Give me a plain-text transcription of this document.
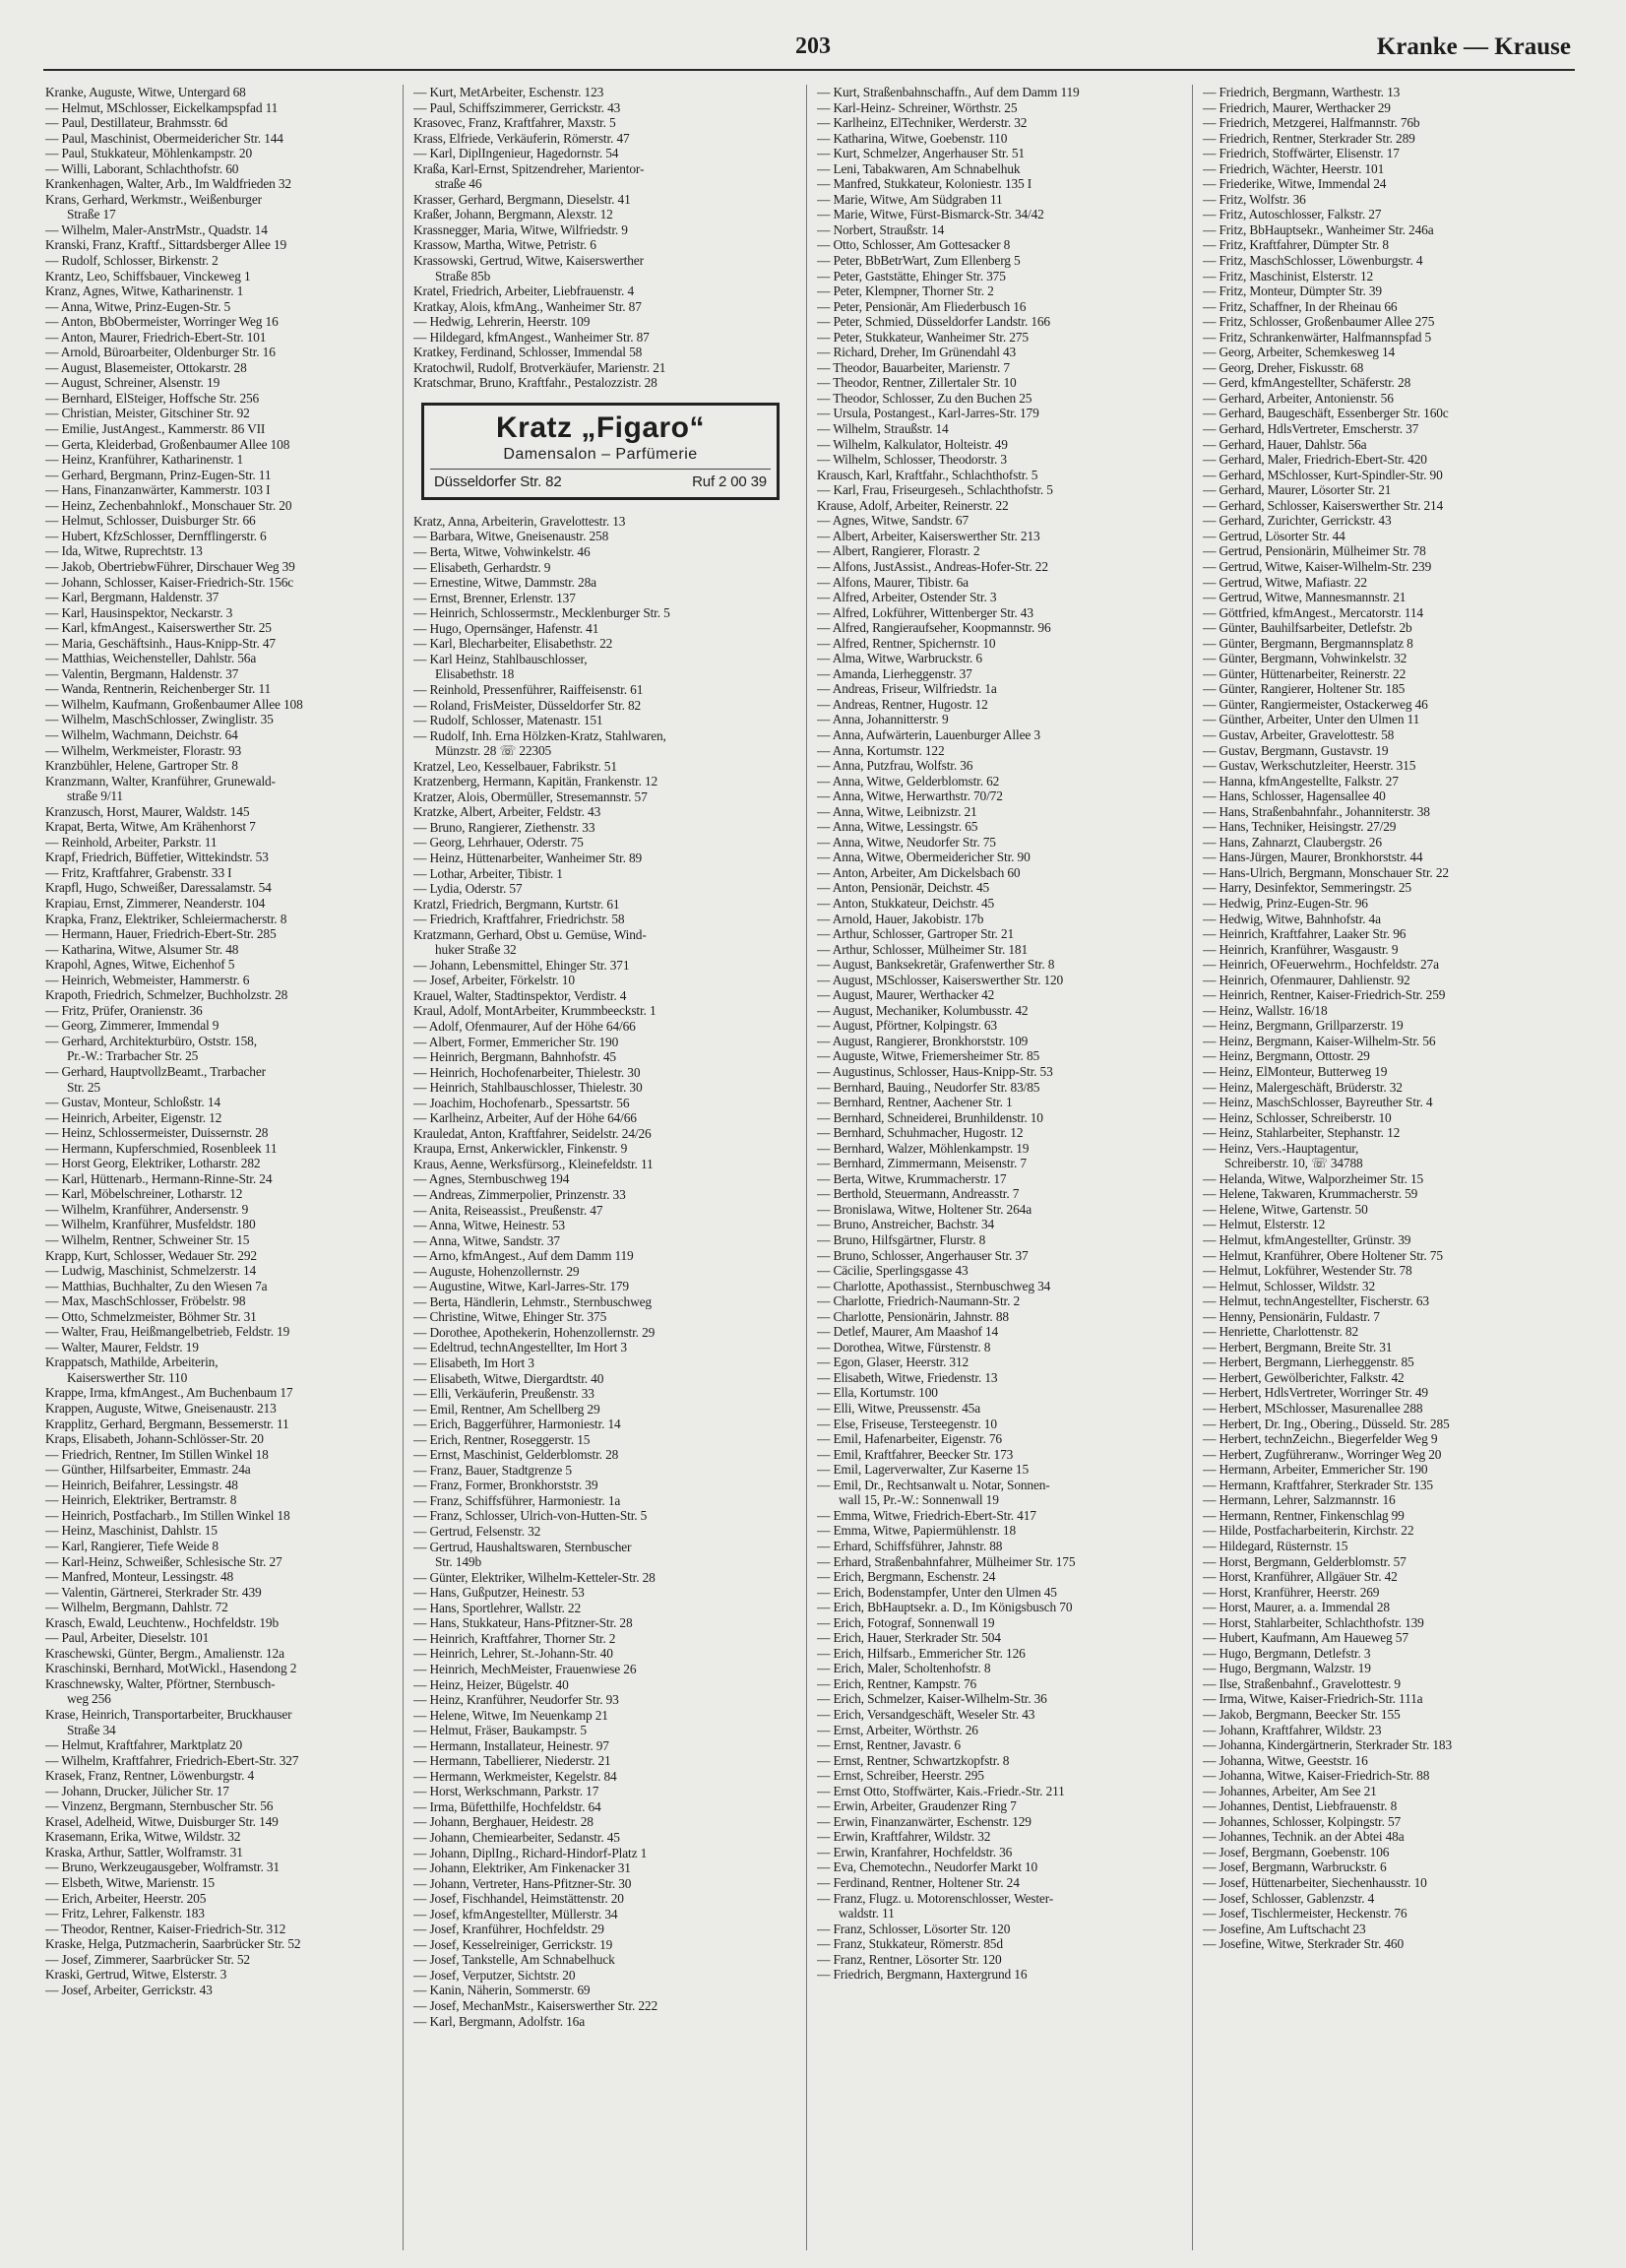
203	Kranke — Krause
Kranke, Auguste, Witwe, Untergard 68
— Helmut, MSchlosser, Eickelkampspfad 11
— Paul, Destillateur, Brahmsstr. 6d
— Paul, Maschinist, Obermeidericher Str. 144
— Paul, Stukkateur, Möhlenkampstr. 20
— Willi, Laborant, Schlachthofstr. 60
Krankenhagen, Walter, Arb., Im Waldfrieden 32
Krans, Gerhard, Werkmstr., Weißenburger
Straße 17
— Wilhelm, Maler-AnstrMstr., Quadstr. 14
Kranski, Franz, Kraftf., Sittardsberger Allee 19
— Rudolf, Schlosser, Birkenstr. 2
Krantz, Leo, Schiffsbauer, Vinckeweg 1
Kranz, Agnes, Witwe, Katharinenstr. 1
— Anna, Witwe, Prinz-Eugen-Str. 5
— Anton, BbObermeister, Worringer Weg 16
— Anton, Maurer, Friedrich-Ebert-Str. 101
— Arnold, Büroarbeiter, Oldenburger Str. 16
— August, Blasemeister, Ottokarstr. 28
— August, Schreiner, Alsenstr. 19
— Bernhard, ElSteiger, Hoffsche Str. 256
— Christian, Meister, Gitschiner Str. 92
— Emilie, JustAngest., Kammerstr. 86 VII
— Gerta, Kleiderbad, Großenbaumer Allee 108
— Heinz, Kranführer, Katharinenstr. 1
— Gerhard, Bergmann, Prinz-Eugen-Str. 11
— Hans, Finanzanwärter, Kammerstr. 103 I
— Heinz, Zechenbahnlokf., Monschauer Str. 20
— Helmut, Schlosser, Duisburger Str. 66
— Hubert, KfzSchlosser, Dernfflingerstr. 6
— Ida, Witwe, Ruprechtstr. 13
— Jakob, ObertriebwFührer, Dirschauer Weg 39
— Johann, Schlosser, Kaiser-Friedrich-Str. 156c
— Karl, Bergmann, Haldenstr. 37
— Karl, Hausinspektor, Neckarstr. 3
— Karl, kfmAngest., Kaiserswerther Str. 25
— Maria, Geschäftsinh., Haus-Knipp-Str. 47
— Matthias, Weichensteller, Dahlstr. 56a
— Valentin, Bergmann, Haldenstr. 37
— Wanda, Rentnerin, Reichenberger Str. 11
— Wilhelm, Kaufmann, Großenbaumer Allee 108
— Wilhelm, MaschSchlosser, Zwinglistr. 35
— Wilhelm, Wachmann, Deichstr. 64
— Wilhelm, Werkmeister, Florastr. 93
Kranzbühler, Helene, Gartroper Str. 8
Kranzmann, Walter, Kranführer, Grunewald-
straße 9/11
Kranzusch, Horst, Maurer, Waldstr. 145
Krapat, Berta, Witwe, Am Krähenhorst 7
— Reinhold, Arbeiter, Parkstr. 11
Krapf, Friedrich, Büffetier, Wittekindstr. 53
— Fritz, Kraftfahrer, Grabenstr. 33 I
Krapfl, Hugo, Schweißer, Daressalamstr. 54
Krapiau, Ernst, Zimmerer, Neanderstr. 104
Krapka, Franz, Elektriker, Schleiermacherstr. 8
— Hermann, Hauer, Friedrich-Ebert-Str. 285
— Katharina, Witwe, Alsumer Str. 48
Krapohl, Agnes, Witwe, Eichenhof 5
— Heinrich, Webmeister, Hammerstr. 6
Krapoth, Friedrich, Schmelzer, Buchholzstr. 28
— Fritz, Prüfer, Oranienstr. 36
— Georg, Zimmerer, Immendal 9
— Gerhard, Architekturbüro, Oststr. 158,
Pr.-W.: Trarbacher Str. 25
— Gerhard, HauptvollzBeamt., Trarbacher
Str. 25
— Gustav, Monteur, Schloßstr. 14
— Heinrich, Arbeiter, Eigenstr. 12
— Heinz, Schlossermeister, Duissernstr. 28
— Hermann, Kupferschmied, Rosenbleek 11
— Horst Georg, Elektriker, Lotharstr. 282
— Karl, Hüttenarb., Hermann-Rinne-Str. 24
— Karl, Möbelschreiner, Lotharstr. 12
— Wilhelm, Kranführer, Andersenstr. 9
— Wilhelm, Kranführer, Musfeldstr. 180
— Wilhelm, Rentner, Schweiner Str. 15
Krapp, Kurt, Schlosser, Wedauer Str. 292
— Ludwig, Maschinist, Schmelzerstr. 14
— Matthias, Buchhalter, Zu den Wiesen 7a
— Max, MaschSchlosser, Fröbelstr. 98
— Otto, Schmelzmeister, Böhmer Str. 31
— Walter, Frau, Heißmangelbetrieb, Feldstr. 19
— Walter, Maurer, Feldstr. 19
Krappatsch, Mathilde, Arbeiterin,
Kaiserswerther Str. 110
Krappe, Irma, kfmAngest., Am Buchenbaum 17
Krappen, Auguste, Witwe, Gneisenaustr. 213
Krapplitz, Gerhard, Bergmann, Bessemerstr. 11
Kraps, Elisabeth, Johann-Schlösser-Str. 20
— Friedrich, Rentner, Im Stillen Winkel 18
— Günther, Hilfsarbeiter, Emmastr. 24a
— Heinrich, Beifahrer, Lessingstr. 48
— Heinrich, Elektriker, Bertramstr. 8
— Heinrich, Postfacharb., Im Stillen Winkel 18
— Heinz, Maschinist, Dahlstr. 15
— Karl, Rangierer, Tiefe Weide 8
— Karl-Heinz, Schweißer, Schlesische Str. 27
— Manfred, Monteur, Lessingstr. 48
— Valentin, Gärtnerei, Sterkrader Str. 439
— Wilhelm, Bergmann, Dahlstr. 72
Krasch, Ewald, Leuchtenw., Hochfeldstr. 19b
— Paul, Arbeiter, Dieselstr. 101
Kraschewski, Günter, Bergm., Amalienstr. 12a
Kraschinski, Bernhard, MotWickl., Hasendong 2
Kraschnewsky, Walter, Pförtner, Sternbusch-
weg 256
Krase, Heinrich, Transportarbeiter, Bruckhauser
Straße 34
— Helmut, Kraftfahrer, Marktplatz 20
— Wilhelm, Kraftfahrer, Friedrich-Ebert-Str. 327
Krasek, Franz, Rentner, Löwenburgstr. 4
— Johann, Drucker, Jülicher Str. 17
— Vinzenz, Bergmann, Sternbuscher Str. 56
Krasel, Adelheid, Witwe, Duisburger Str. 149
Krasemann, Erika, Witwe, Wildstr. 32
Kraska, Arthur, Sattler, Wolframstr. 31
— Bruno, Werkzeugausgeber, Wolframstr. 31
— Elsbeth, Witwe, Marienstr. 15
— Erich, Arbeiter, Heerstr. 205
— Fritz, Lehrer, Falkenstr. 183
— Theodor, Rentner, Kaiser-Friedrich-Str. 312
Kraske, Helga, Putzmacherin, Saarbrücker Str. 52
— Josef, Zimmerer, Saarbrücker Str. 52
Kraski, Gertrud, Witwe, Elsterstr. 3
— Josef, Arbeiter, Gerrickstr. 43
— Kurt, MetArbeiter, Eschenstr. 123
— Paul, Schiffszimmerer, Gerrickstr. 43
Krasovec, Franz, Kraftfahrer, Maxstr. 5
Krass, Elfriede, Verkäuferin, Römerstr. 47
— Karl, DiplIngenieur, Hagedornstr. 54
Kraßa, Karl-Ernst, Spitzendreher, Marientor-
straße 46
Krasser, Gerhard, Bergmann, Dieselstr. 41
Kraßer, Johann, Bergmann, Alexstr. 12
Krassnegger, Maria, Witwe, Wilfriedstr. 9
Krassow, Martha, Witwe, Petristr. 6
Krassowski, Gertrud, Witwe, Kaiserswerther
Straße 85b
Kratel, Friedrich, Arbeiter, Liebfrauenstr. 4
Kratkay, Alois, kfmAng., Wanheimer Str. 87
— Hedwig, Lehrerin, Heerstr. 109
— Hildegard, kfmAngest., Wanheimer Str. 87
Kratkey, Ferdinand, Schlosser, Immendal 58
Kratochwil, Rudolf, Brotverkäufer, Marienstr. 21
Kratschmar, Bruno, Kraftfahr., Pestalozzistr. 28
Kratz „Figaro“
Damensalon – Parfümerie
Düsseldorfer Str. 82	Ruf 2 00 39
Kratz, Anna, Arbeiterin, Gravelottestr. 13
— Barbara, Witwe, Gneisenaustr. 258
— Berta, Witwe, Vohwinkelstr. 46
— Elisabeth, Gerhardstr. 9
— Ernestine, Witwe, Dammstr. 28a
— Ernst, Brenner, Erlenstr. 137
— Heinrich, Schlossermstr., Mecklenburger Str. 5
— Hugo, Opernsänger, Hafenstr. 41
— Karl, Blecharbeiter, Elisabethstr. 22
— Karl Heinz, Stahlbauschlosser,
Elisabethstr. 18
— Reinhold, Pressenführer, Raiffeisenstr. 61
— Roland, FrisMeister, Düsseldorfer Str. 82
— Rudolf, Schlosser, Matenastr. 151
— Rudolf, Inh. Erna Hölzken-Kratz, Stahlwaren,
Münzstr. 28 ☏ 22305
Kratzel, Leo, Kesselbauer, Fabrikstr. 51
Kratzenberg, Hermann, Kapitän, Frankenstr. 12
Kratzer, Alois, Obermüller, Stresemannstr. 57
Kratzke, Albert, Arbeiter, Feldstr. 43
— Bruno, Rangierer, Ziethenstr. 33
— Georg, Lehrhauer, Oderstr. 75
— Heinz, Hüttenarbeiter, Wanheimer Str. 89
— Lothar, Arbeiter, Tibistr. 1
— Lydia, Oderstr. 57
Kratzl, Friedrich, Bergmann, Kurtstr. 61
— Friedrich, Kraftfahrer, Friedrichstr. 58
Kratzmann, Gerhard, Obst u. Gemüse, Wind-
huker Straße 32
— Johann, Lebensmittel, Ehinger Str. 371
— Josef, Arbeiter, Förkelstr. 10
Krauel, Walter, Stadtinspektor, Verdistr. 4
Kraul, Adolf, MontArbeiter, Krummbeeckstr. 1
— Adolf, Ofenmaurer, Auf der Höhe 64/66
— Albert, Former, Emmericher Str. 190
— Heinrich, Bergmann, Bahnhofstr. 45
— Heinrich, Hochofenarbeiter, Thielestr. 30
— Heinrich, Stahlbauschlosser, Thielestr. 30
— Joachim, Hochofenarb., Spessartstr. 56
— Karlheinz, Arbeiter, Auf der Höhe 64/66
Krauledat, Anton, Kraftfahrer, Seidelstr. 24/26
Kraupa, Ernst, Ankerwickler, Finkenstr. 9
Kraus, Aenne, Werksfürsorg., Kleinefeldstr. 11
— Agnes, Sternbuschweg 194
— Andreas, Zimmerpolier, Prinzenstr. 33
— Anita, Reiseassist., Preußenstr. 47
— Anna, Witwe, Heinestr. 53
— Anna, Witwe, Sandstr. 37
— Arno, kfmAngest., Auf dem Damm 119
— Auguste, Hohenzollernstr. 29
— Augustine, Witwe, Karl-Jarres-Str. 179
— Berta, Händlerin, Lehmstr., Sternbuschweg
— Christine, Witwe, Ehinger Str. 375
— Dorothee, Apothekerin, Hohenzollernstr. 29
— Edeltrud, technAngestellter, Im Hort 3
— Elisabeth, Im Hort 3
— Elisabeth, Witwe, Diergardtstr. 40
— Elli, Verkäuferin, Preußenstr. 33
— Emil, Rentner, Am Schellberg 29
— Erich, Baggerführer, Harmoniestr. 14
— Erich, Rentner, Roseggerstr. 15
— Ernst, Maschinist, Gelderblomstr. 28
— Franz, Bauer, Stadtgrenze 5
— Franz, Former, Bronkhorststr. 39
— Franz, Schiffsführer, Harmoniestr. 1a
— Franz, Schlosser, Ulrich-von-Hutten-Str. 5
— Gertrud, Felsenstr. 32
— Gertrud, Haushaltswaren, Sternbuscher
Str. 149b
— Günter, Elektriker, Wilhelm-Ketteler-Str. 28
— Hans, Gußputzer, Heinestr. 53
— Hans, Sportlehrer, Wallstr. 22
— Hans, Stukkateur, Hans-Pfitzner-Str. 28
— Heinrich, Kraftfahrer, Thorner Str. 2
— Heinrich, Lehrer, St.-Johann-Str. 40
— Heinrich, MechMeister, Frauenwiese 26
— Heinz, Heizer, Bügelstr. 40
— Heinz, Kranführer, Neudorfer Str. 93
— Helene, Witwe, Im Neuenkamp 21
— Helmut, Fräser, Baukampstr. 5
— Hermann, Installateur, Heinestr. 97
— Hermann, Tabellierer, Niederstr. 21
— Hermann, Werkmeister, Kegelstr. 84
— Horst, Werkschmann, Parkstr. 17
— Irma, Büfetthilfe, Hochfeldstr. 64
— Johann, Berghauer, Heidestr. 28
— Johann, Chemiearbeiter, Sedanstr. 45
— Johann, DiplIng., Richard-Hindorf-Platz 1
— Johann, Elektriker, Am Finkenacker 31
— Johann, Vertreter, Hans-Pfitzner-Str. 30
— Josef, Fischhandel, Heimstättenstr. 20
— Josef, kfmAngestellter, Müllerstr. 34
— Josef, Kranführer, Hochfeldstr. 29
— Josef, Kesselreiniger, Gerrickstr. 19
— Josef, Tankstelle, Am Schnabelhuck
— Josef, Verputzer, Sichtstr. 20
— Kanin, Näherin, Sommerstr. 69
— Josef, MechanMstr., Kaiserswerther Str. 222
— Karl, Bergmann, Adolfstr. 16a
— Kurt, Straßenbahnschaffn., Auf dem Damm 119
— Karl-Heinz- Schreiner, Wörthstr. 25
— Karlheinz, ElTechniker, Werderstr. 32
— Katharina, Witwe, Goebenstr. 110
— Kurt, Schmelzer, Angerhauser Str. 51
— Leni, Tabakwaren, Am Schnabelhuk
— Manfred, Stukkateur, Koloniestr. 135 I
— Marie, Witwe, Am Südgraben 11
— Marie, Witwe, Fürst-Bismarck-Str. 34/42
— Norbert, Straußstr. 14
— Otto, Schlosser, Am Gottesacker 8
— Peter, BbBetrWart, Zum Ellenberg 5
— Peter, Gaststätte, Ehinger Str. 375
— Peter, Klempner, Thorner Str. 2
— Peter, Pensionär, Am Fliederbusch 16
— Peter, Schmied, Düsseldorfer Landstr. 166
— Peter, Stukkateur, Wanheimer Str. 275
— Richard, Dreher, Im Grünendahl 43
— Theodor, Bauarbeiter, Marienstr. 7
— Theodor, Rentner, Zillertaler Str. 10
— Theodor, Schlosser, Zu den Buchen 25
— Ursula, Postangest., Karl-Jarres-Str. 179
— Wilhelm, Straußstr. 14
— Wilhelm, Kalkulator, Holteistr. 49
— Wilhelm, Schlosser, Theodorstr. 3
Krausch, Karl, Kraftfahr., Schlachthofstr. 5
— Karl, Frau, Friseurgeseh., Schlachthofstr. 5
Krause, Adolf, Arbeiter, Reinerstr. 22
— Agnes, Witwe, Sandstr. 67
— Albert, Arbeiter, Kaiserswerther Str. 213
— Albert, Rangierer, Florastr. 2
— Alfons, JustAssist., Andreas-Hofer-Str. 22
— Alfons, Maurer, Tibistr. 6a
— Alfred, Arbeiter, Ostender Str. 3
— Alfred, Lokführer, Wittenberger Str. 43
— Alfred, Rangieraufseher, Koopmannstr. 96
— Alfred, Rentner, Spichernstr. 10
— Alma, Witwe, Warbruckstr. 6
— Amanda, Lierheggenstr. 37
— Andreas, Friseur, Wilfriedstr. 1a
— Andreas, Rentner, Hugostr. 12
— Anna, Johannitterstr. 9
— Anna, Aufwärterin, Lauenburger Allee 3
— Anna, Kortumstr. 122
— Anna, Putzfrau, Wolfstr. 36
— Anna, Witwe, Gelderblomstr. 62
— Anna, Witwe, Herwarthstr. 70/72
— Anna, Witwe, Leibnizstr. 21
— Anna, Witwe, Lessingstr. 65
— Anna, Witwe, Neudorfer Str. 75
— Anna, Witwe, Obermeidericher Str. 90
— Anton, Arbeiter, Am Dickelsbach 60
— Anton, Pensionär, Deichstr. 45
— Anton, Stukkateur, Deichstr. 45
— Arnold, Hauer, Jakobistr. 17b
— Arthur, Schlosser, Gartroper Str. 21
— Arthur, Schlosser, Mülheimer Str. 181
— August, Banksekretär, Grafenwerther Str. 8
— August, MSchlosser, Kaiserswerther Str. 120
— August, Maurer, Werthacker 42
— August, Mechaniker, Kolumbusstr. 42
— August, Pförtner, Kolpingstr. 63
— August, Rangierer, Bronkhorststr. 109
— Auguste, Witwe, Friemersheimer Str. 85
— Augustinus, Schlosser, Haus-Knipp-Str. 53
— Bernhard, Bauing., Neudorfer Str. 83/85
— Bernhard, Rentner, Aachener Str. 1
— Bernhard, Schneiderei, Brunhildenstr. 10
— Bernhard, Schuhmacher, Hugostr. 12
— Bernhard, Walzer, Möhlenkampstr. 19
— Bernhard, Zimmermann, Meisenstr. 7
— Berta, Witwe, Krummacherstr. 17
— Berthold, Steuermann, Andreasstr. 7
— Bronislawa, Witwe, Holtener Str. 264a
— Bruno, Anstreicher, Bachstr. 34
— Bruno, Hilfsgärtner, Flurstr. 8
— Bruno, Schlosser, Angerhauser Str. 37
— Cäcilie, Sperlingsgasse 43
— Charlotte, Apothassist., Sternbuschweg 34
— Charlotte, Friedrich-Naumann-Str. 2
— Charlotte, Pensionärin, Jahnstr. 88
— Detlef, Maurer, Am Maashof 14
— Dorothea, Witwe, Fürstenstr. 8
— Egon, Glaser, Heerstr. 312
— Elisabeth, Witwe, Friedenstr. 13
— Ella, Kortumstr. 100
— Elli, Witwe, Preussenstr. 45a
— Else, Friseuse, Tersteegenstr. 10
— Emil, Hafenarbeiter, Eigenstr. 76
— Emil, Kraftfahrer, Beecker Str. 173
— Emil, Lagerverwalter, Zur Kaserne 15
— Emil, Dr., Rechtsanwalt u. Notar, Sonnen-
wall 15, Pr.-W.: Sonnenwall 19
— Emma, Witwe, Friedrich-Ebert-Str. 417
— Emma, Witwe, Papiermühlenstr. 18
— Erhard, Schiffsführer, Jahnstr. 88
— Erhard, Straßenbahnfahrer, Mülheimer Str. 175
— Erich, Bergmann, Eschenstr. 24
— Erich, Bodenstampfer, Unter den Ulmen 45
— Erich, BbHauptsekr. a. D., Im Königsbusch 70
— Erich, Fotograf, Sonnenwall 19
— Erich, Hauer, Sterkrader Str. 504
— Erich, Hilfsarb., Emmericher Str. 126
— Erich, Maler, Scholtenhofstr. 8
— Erich, Rentner, Kampstr. 76
— Erich, Schmelzer, Kaiser-Wilhelm-Str. 36
— Erich, Versandgeschäft, Weseler Str. 43
— Ernst, Arbeiter, Wörthstr. 26
— Ernst, Rentner, Javastr. 6
— Ernst, Rentner, Schwartzkopfstr. 8
— Ernst, Schreiber, Heerstr. 295
— Ernst Otto, Stoffwärter, Kais.-Friedr.-Str. 211
— Erwin, Arbeiter, Graudenzer Ring 7
— Erwin, Finanzanwärter, Eschenstr. 129
— Erwin, Kraftfahrer, Wildstr. 32
— Erwin, Kranfahrer, Hochfeldstr. 36
— Eva, Chemotechn., Neudorfer Markt 10
— Ferdinand, Rentner, Holtener Str. 24
— Franz, Flugz. u. Motorenschlosser, Wester-
waldstr. 11
— Franz, Schlosser, Lösorter Str. 120
— Franz, Stukkateur, Römerstr. 85d
— Franz, Rentner, Lösorter Str. 120
— Friedrich, Bergmann, Haxtergrund 16
— Friedrich, Bergmann, Warthestr. 13
— Friedrich, Maurer, Werthacker 29
— Friedrich, Metzgerei, Halfmannstr. 76b
— Friedrich, Rentner, Sterkrader Str. 289
— Friedrich, Stoffwärter, Elisenstr. 17
— Friedrich, Wächter, Heerstr. 101
— Friederike, Witwe, Immendal 24
— Fritz, Wolfstr. 36
— Fritz, Autoschlosser, Falkstr. 27
— Fritz, BbHauptsekr., Wanheimer Str. 246a
— Fritz, Kraftfahrer, Dümpter Str. 8
— Fritz, MaschSchlosser, Löwenburgstr. 4
— Fritz, Maschinist, Elsterstr. 12
— Fritz, Monteur, Dümpter Str. 39
— Fritz, Schaffner, In der Rheinau 66
— Fritz, Schlosser, Großenbaumer Allee 275
— Fritz, Schrankenwärter, Halfmannspfad 5
— Georg, Arbeiter, Schemkesweg 14
— Georg, Dreher, Fiskusstr. 68
— Gerd, kfmAngestellter, Schäferstr. 28
— Gerhard, Arbeiter, Antonienstr. 56
— Gerhard, Baugeschäft, Essenberger Str. 160c
— Gerhard, HdlsVertreter, Emscherstr. 37
— Gerhard, Hauer, Dahlstr. 56a
— Gerhard, Maler, Friedrich-Ebert-Str. 420
— Gerhard, MSchlosser, Kurt-Spindler-Str. 90
— Gerhard, Maurer, Lösorter Str. 21
— Gerhard, Schlosser, Kaiserswerther Str. 214
— Gerhard, Zurichter, Gerrickstr. 43
— Gertrud, Lösorter Str. 44
— Gertrud, Pensionärin, Mülheimer Str. 78
— Gertrud, Witwe, Kaiser-Wilhelm-Str. 239
— Gertrud, Witwe, Mafiastr. 22
— Gertrud, Witwe, Mannesmannstr. 21
— Göttfried, kfmAngest., Mercatorstr. 114
— Günter, Bauhilfsarbeiter, Detlefstr. 2b
— Günter, Bergmann, Bergmannsplatz 8
— Günter, Bergmann, Vohwinkelstr. 32
— Günter, Hüttenarbeiter, Reinerstr. 22
— Günter, Rangierer, Holtener Str. 185
— Günter, Rangiermeister, Ostackerweg 46
— Günther, Arbeiter, Unter den Ulmen 11
— Gustav, Arbeiter, Gravelottestr. 58
— Gustav, Bergmann, Gustavstr. 19
— Gustav, Werkschutzleiter, Heerstr. 315
— Hanna, kfmAngestellte, Falkstr. 27
— Hans, Schlosser, Hagensallee 40
— Hans, Straßenbahnfahr., Johanniterstr. 38
— Hans, Techniker, Heisingstr. 27/29
— Hans, Zahnarzt, Claubergstr. 26
— Hans-Jürgen, Maurer, Bronkhorststr. 44
— Hans-Ulrich, Bergmann, Monschauer Str. 22
— Harry, Desinfektor, Semmeringstr. 25
— Hedwig, Prinz-Eugen-Str. 96
— Hedwig, Witwe, Bahnhofstr. 4a
— Heinrich, Kraftfahrer, Laaker Str. 96
— Heinrich, Kranführer, Wasgaustr. 9
— Heinrich, OFeuerwehrm., Hochfeldstr. 27a
— Heinrich, Ofenmaurer, Dahlienstr. 92
— Heinrich, Rentner, Kaiser-Friedrich-Str. 259
— Heinz, Wallstr. 16/18
— Heinz, Bergmann, Grillparzerstr. 19
— Heinz, Bergmann, Kaiser-Wilhelm-Str. 56
— Heinz, Bergmann, Ottostr. 29
— Heinz, ElMonteur, Butterweg 19
— Heinz, Malergeschäft, Brüderstr. 32
— Heinz, MaschSchlosser, Bayreuther Str. 4
— Heinz, Schlosser, Schreiberstr. 10
— Heinz, Stahlarbeiter, Stephanstr. 12
— Heinz, Vers.-Hauptagentur,
Schreiberstr. 10, ☏ 34788
— Helanda, Witwe, Walporzheimer Str. 15
— Helene, Takwaren, Krummacherstr. 59
— Helene, Witwe, Gartenstr. 50
— Helmut, Elsterstr. 12
— Helmut, kfmAngestellter, Grünstr. 39
— Helmut, Kranführer, Obere Holtener Str. 75
— Helmut, Lokführer, Westender Str. 78
— Helmut, Schlosser, Wildstr. 32
— Helmut, technAngestellter, Fischerstr. 63
— Henny, Pensionärin, Fuldastr. 7
— Henriette, Charlottenstr. 82
— Herbert, Bergmann, Breite Str. 31
— Herbert, Bergmann, Lierheggenstr. 85
— Herbert, Gewölberichter, Falkstr. 42
— Herbert, HdlsVertreter, Worringer Str. 49
— Herbert, MSchlosser, Masurenallee 288
— Herbert, Dr. Ing., Obering., Düsseld. Str. 285
— Herbert, technZeichn., Biegerfelder Weg 9
— Herbert, Zugführeranw., Worringer Weg 20
— Hermann, Arbeiter, Emmericher Str. 190
— Hermann, Kraftfahrer, Sterkrader Str. 135
— Hermann, Lehrer, Salzmannstr. 16
— Hermann, Rentner, Finkenschlag 99
— Hilde, Postfacharbeiterin, Kirchstr. 22
— Hildegard, Rüsternstr. 15
— Horst, Bergmann, Gelderblomstr. 57
— Horst, Kranführer, Allgäuer Str. 42
— Horst, Kranführer, Heerstr. 269
— Horst, Maurer, a. a. Immendal 28
— Horst, Stahlarbeiter, Schlachthofstr. 139
— Hubert, Kaufmann, Am Haueweg 57
— Hugo, Bergmann, Detlefstr. 3
— Hugo, Bergmann, Walzstr. 19
— Ilse, Straßenbahnf., Gravelottestr. 9
— Irma, Witwe, Kaiser-Friedrich-Str. 111a
— Jakob, Bergmann, Beecker Str. 155
— Johann, Kraftfahrer, Wildstr. 23
— Johanna, Kindergärtnerin, Sterkrader Str. 183
— Johanna, Witwe, Geeststr. 16
— Johanna, Witwe, Kaiser-Friedrich-Str. 88
— Johannes, Arbeiter, Am See 21
— Johannes, Dentist, Liebfrauenstr. 8
— Johannes, Schlosser, Kolpingstr. 57
— Johannes, Technik. an der Abtei 48a
— Josef, Bergmann, Goebenstr. 106
— Josef, Bergmann, Warbruckstr. 6
— Josef, Hüttenarbeiter, Siechenhausstr. 10
— Josef, Schlosser, Gablenzstr. 4
— Josef, Tischlermeister, Heckenstr. 76
— Josefine, Am Luftschacht 23
— Josefine, Witwe, Sterkrader Str. 460
